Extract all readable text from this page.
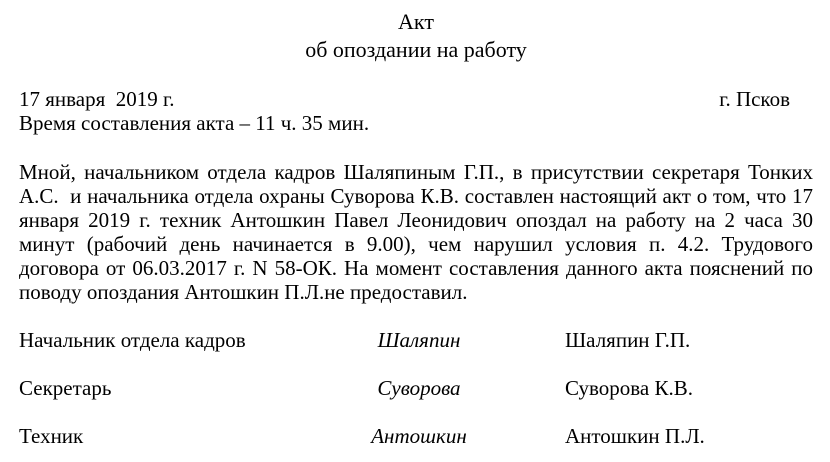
Акт
об опоздании на работу
17 января  2019 г.	г. Псков
Время составления акта – 11 ч. 35 мин.
Мной, начальником отдела кадров Шаляпиным Г.П., в присутствии секретаря Тонких
А.С.  и начальника отдела охраны Суворова К.В. составлен настоящий акт о том, что 17
января 2019 г. техник Антошкин Павел Леонидович опоздал на работу на 2 часа 30
минут (рабочий день начинается в 9.00), чем нарушил условия п. 4.2. Трудового
договора от 06.03.2017 г. N 58-ОК. На момент составления данного акта пояснений по
поводу опоздания Антошкин П.Л.не предоставил.
Начальник отдела кадров	Шаляпин	Шаляпин Г.П.
Секретарь	Суворова	Суворова К.В.
Техник	Антошкин	Антошкин П.Л.
